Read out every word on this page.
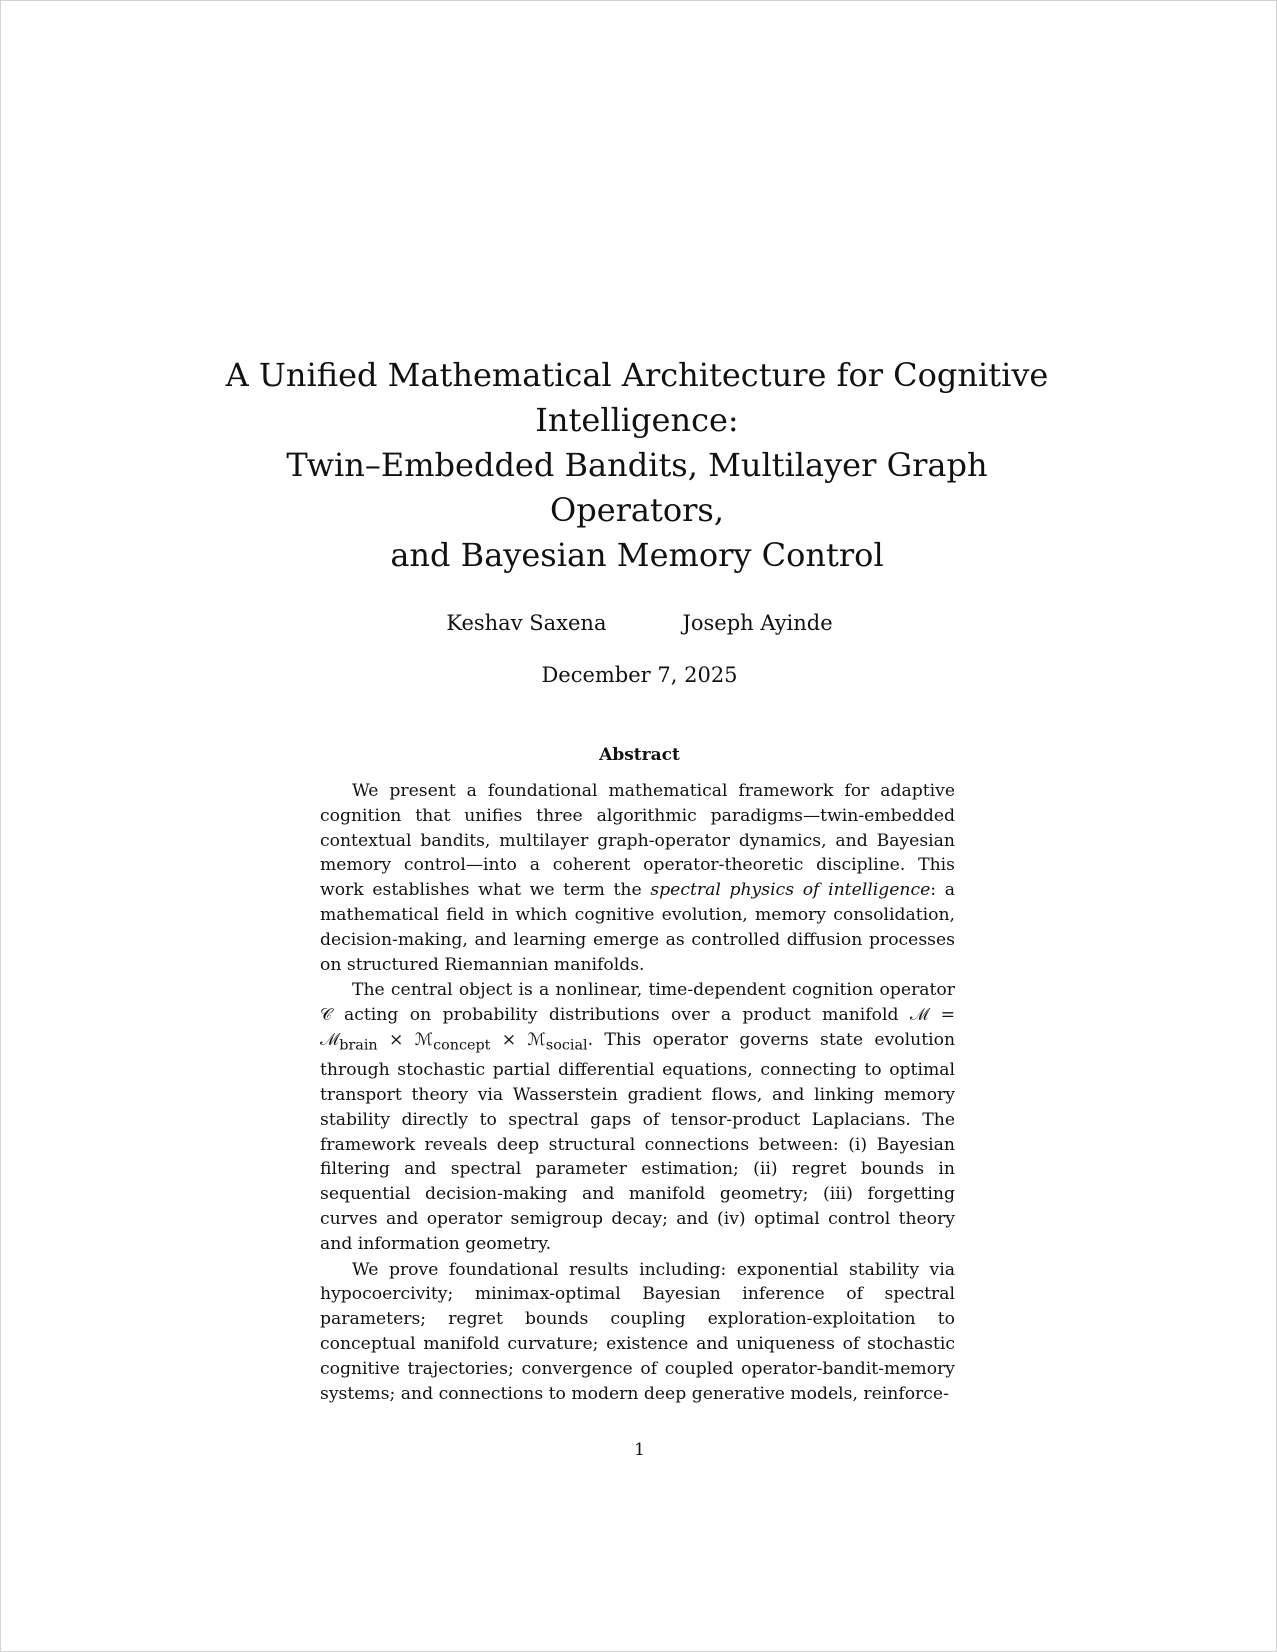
A Unified Mathematical Architecture for Cognitive
Intelligence:
Twin–Embedded Bandits, Multilayer Graph
Operators,
and Bayesian Memory Control
Keshav Saxena	Joseph Ayinde
December 7, 2025
Abstract

We present a foundational mathematical framework for adaptive cognition that unifies three algorithmic paradigms—twin-embedded contextual bandits, multilayer graph-operator dynamics, and Bayesian memory control—into a coherent operator-theoretic discipline. This work establishes what we term the spectral physics of intelligence: a mathematical field in which cognitive evolution, memory consolidation, decision-making, and learning emerge as controlled diffusion processes on structured Riemannian manifolds.

The central object is a nonlinear, time-dependent cognition operator 𝒞 acting on probability distributions over a product manifold ℳ = ℳ$_{brain}$ × ℳ$_{concept}$ × ℳ$_{social}$. This operator governs state evolution through stochastic partial differential equations, connecting to optimal transport theory via Wasserstein gradient flows, and linking memory stability directly to spectral gaps of tensor-product Laplacians. The framework reveals deep structural connections between: (i) Bayesian filtering and spectral parameter estimation; (ii) regret bounds in sequential decision-making and manifold geometry; (iii) forgetting curves and operator semigroup decay; and (iv) optimal control theory and information geometry.

We prove foundational results including: exponential stability via hypocoercivity; minimax-optimal Bayesian inference of spectral parameters; regret bounds coupling exploration-exploitation to conceptual manifold curvature; existence and uniqueness of stochastic cognitive trajectories; convergence of coupled operator-bandit-memory systems; and connections to modern deep generative models, reinforce-

1
